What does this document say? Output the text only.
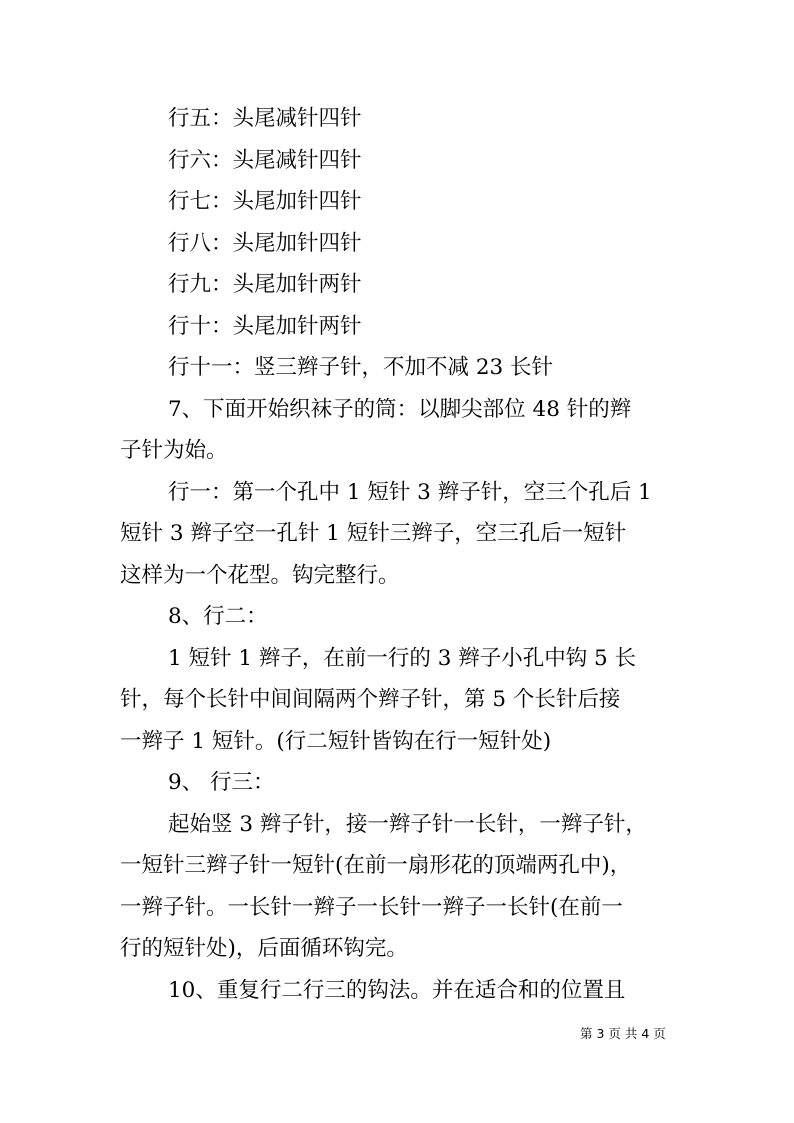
行五：头尾减针四针

行六：头尾减针四针

行七：头尾加针四针

行八：头尾加针四针

行九：头尾加针两针

行十：头尾加针两针

行十一：竖三辫子针，不加不减 23 长针

7、下面开始织袜子的筒：以脚尖部位 48 针的辫

子针为始。

行一：第一个孔中 1 短针 3 辫子针，空三个孔后 1

短针 3 辫子空一孔针 1 短针三辫子，空三孔后一短针

这样为一个花型。钩完整行。

8、行二：

1 短针 1 辫子，在前一行的 3 辫子小孔中钩 5 长

针，每个长针中间间隔两个辫子针，第 5 个长针后接

一辫子 1 短针。(行二短针皆钩在行一短针处)

9、 行三：

起始竖 3 辫子针，接一辫子针一长针，一辫子针，

一短针三辫子针一短针(在前一扇形花的顶端两孔中)，

一辫子针。一长针一辫子一长针一辫子一长针(在前一

行的短针处)，后面循环钩完。

10、重复行二行三的钩法。并在适合和的位置且

第 3 页 共 4 页
